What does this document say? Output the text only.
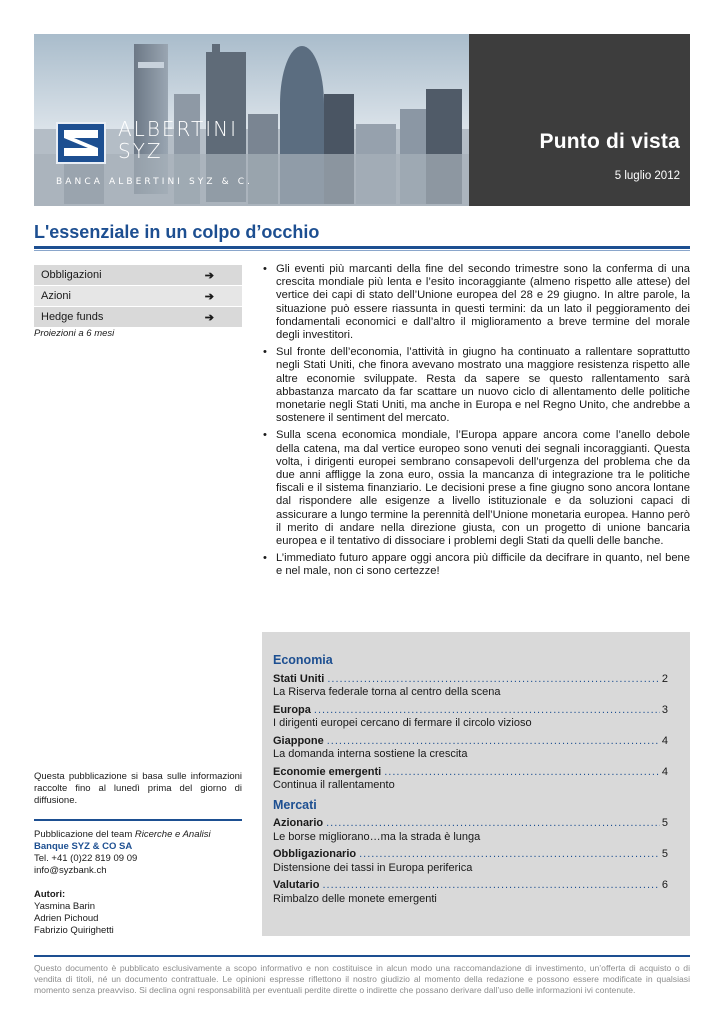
ALBERTINI
SYZ
BANCA ALBERTINI SYZ & C.
Punto di vista
5 luglio 2012
L'essenziale in un colpo d’occhio
Obbligazioni	➔
Azioni	➔
Hedge funds	➔
Proiezioni a 6 mesi
Questa pubblicazione si basa sulle informazioni raccolte fino al lunedì prima del giorno di diffusione.
Pubblicazione del team Ricerche e Analisi
Banque SYZ & CO SA
Tel. +41 (0)22 819 09 09
info@syzbank.ch
Autori:
Yasmina Barin
Adrien Pichoud
Fabrizio Quirighetti
• Gli eventi più marcanti della fine del secondo trimestre sono la conferma di una crescita mondiale più lenta e l’esito incoraggiante (almeno rispetto alle attese) del vertice dei capi di stato dell’Unione europea del 28 e 29 giugno. In altre parole, la situazione può essere riassunta in questi termini: da un lato il peggioramento dei fondamentali economici e dall’altro il miglioramento a breve termine del morale degli investitori.
• Sul fronte dell’economia, l’attività in giugno ha continuato a rallentare soprattutto negli Stati Uniti, che finora avevano mostrato una maggiore resistenza rispetto alle altre economie sviluppate. Resta da sapere se questo rallentamento sarà abbastanza marcato da far scattare un nuovo ciclo di allentamento delle politiche monetarie negli Stati Uniti, ma anche in Europa e nel Regno Unito, che andrebbe a sostenere il sentiment del mercato.
• Sulla scena economica mondiale, l’Europa appare ancora come l’anello debole della catena, ma dal vertice europeo sono venuti dei segnali incoraggianti. Questa volta, i dirigenti europei sembrano consapevoli dell’urgenza del problema che da due anni affligge la zona euro, ossia la mancanza di integrazione tra le politiche fiscali e il sistema finanziario. Le decisioni prese a fine giugno sono ancora lontane dal rispondere alle esigenze a livello istituzionale e da soluzioni capaci di assicurare a lungo termine la perennità dell’Unione monetaria europea. Hanno però il merito di andare nella direzione giusta, con un progetto di unione bancaria europea e il tentativo di dissociare i problemi degli Stati da quelli delle banche.
• L’immediato futuro appare oggi ancora più difficile da decifrare in quanto, nel bene e nel male, non ci sono certezze!
Economia
Stati Uniti .....	2
La Riserva federale torna al centro della scena
Europa .....	3
I dirigenti europei cercano di fermare il circolo vizioso
Giappone .....	4
La domanda interna sostiene la crescita
Economie emergenti .....	4
Continua il rallentamento
Mercati
Azionario .....	5
Le borse migliorano…ma la strada è lunga
Obbligazionario .....	5
Distensione dei tassi in Europa periferica
Valutario .....	6
Rimbalzo delle monete emergenti
Questo documento è pubblicato esclusivamente a scopo informativo e non costituisce in alcun modo una raccomandazione di investimento, un’offerta di acquisto o di vendita di titoli, né un documento contrattuale. Le opinioni espresse riflettono il nostro giudizio al momento della redazione e possono essere modificate in qualsiasi momento senza preavviso. Si declina ogni responsabilità per eventuali perdite dirette o indirette che possano derivare dall’uso delle informazioni ivi contenute.
